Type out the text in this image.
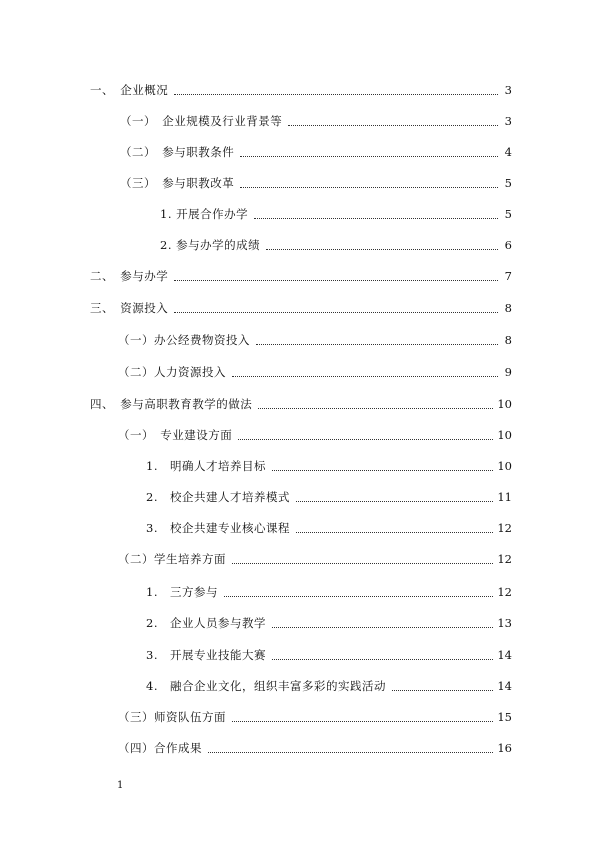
一、　企业概况	3
（一）　企业规模及行业背景等	3
（二）　参与职教条件	4
（三）　参与职教改革	5
1. 开展合作办学	5
2. 参与办学的成绩	6
二、　参与办学	7
三、　资源投入	8
（一）办公经费物资投入	8
（二）人力资源投入	9
四、　参与高职教育教学的做法	10
（一）　专业建设方面	10
1.　明确人才培养目标	10
2.　校企共建人才培养模式	11
3.　校企共建专业核心课程	12
（二）学生培养方面	12
1.　三方参与	12
2.　企业人员参与教学	13
3.　开展专业技能大赛	14
4.　融合企业文化，组织丰富多彩的实践活动	14
（三）师资队伍方面	15
（四）合作成果	16
1
